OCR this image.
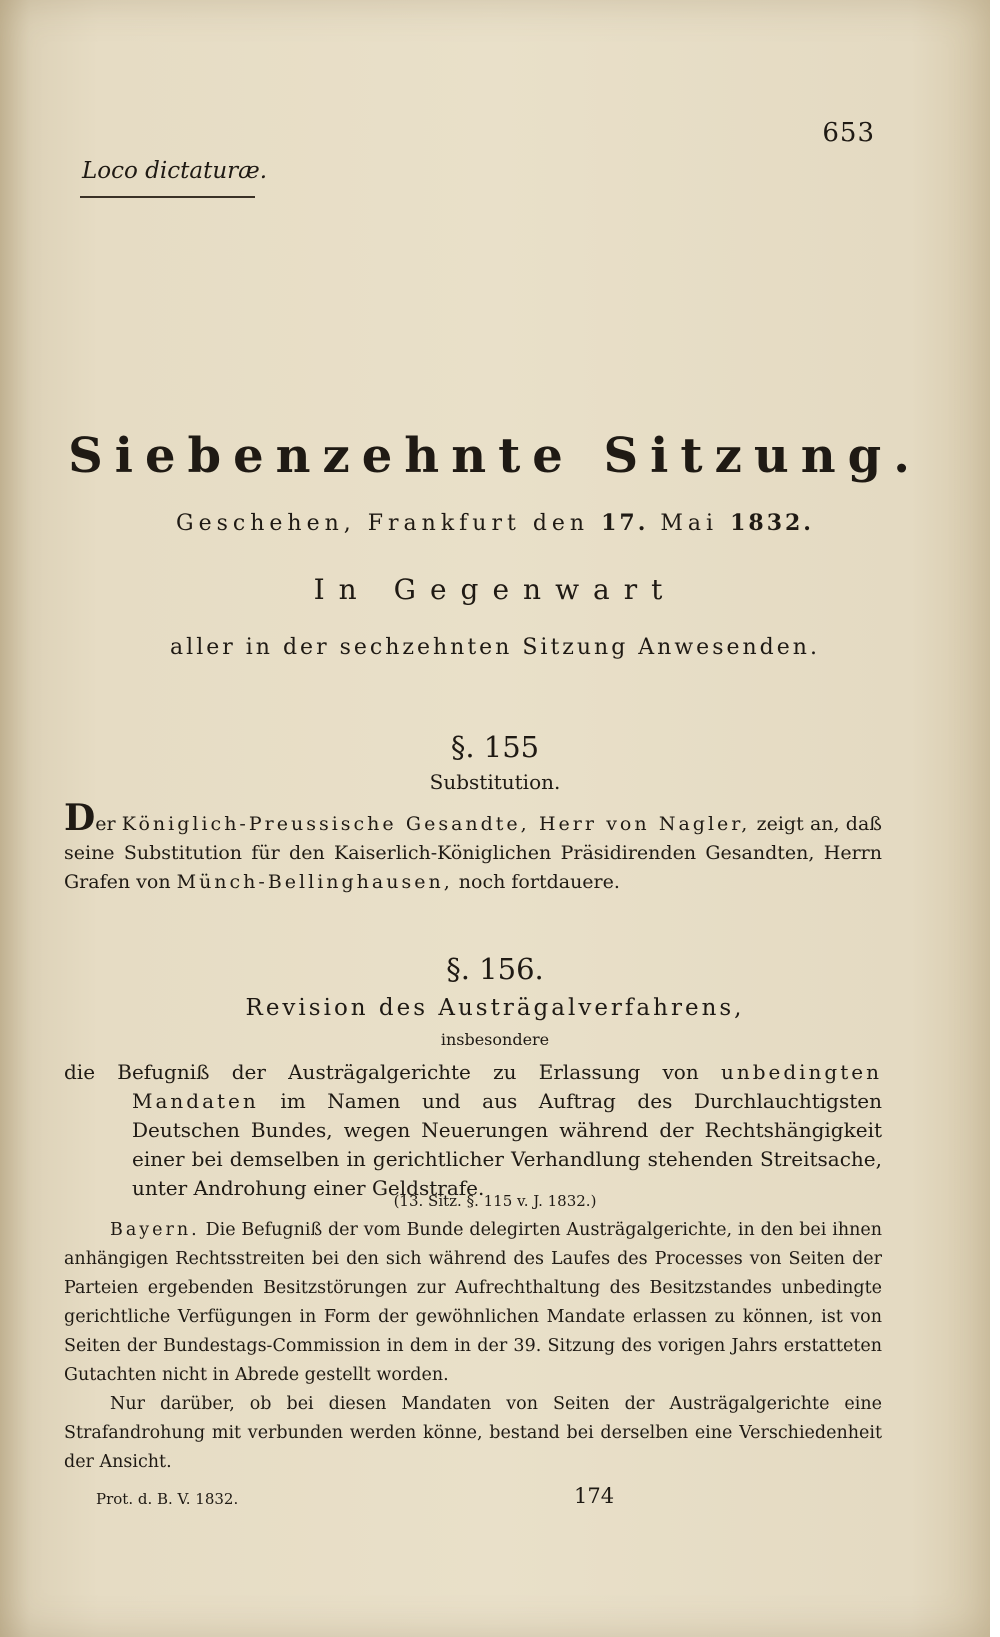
653
Loco dictaturæ.
Siebenzehnte Sitzung.
Geschehen, Frankfurt den 17. Mai 1832.
In Gegenwart
aller in der sechzehnten Sitzung Anwesenden.
§. 155
Substitution.
Der Königlich-Preussische Gesandte, Herr von Nagler, zeigt an, daß seine Substitution für den Kaiserlich-Königlichen Präsidirenden Gesandten, Herrn Grafen von Münch-Bellinghausen, noch fortdauere.
§. 156.
Revision des Austrägalverfahrens,
insbesondere
die Befugniß der Austrägalgerichte zu Erlassung von unbedingten Mandaten im Namen und aus Auftrag des Durchlauchtigsten Deutschen Bundes, wegen Neuerungen während der Rechtshängigkeit einer bei demselben in gerichtlicher Verhandlung stehenden Streitsache, unter Androhung einer Geldstrafe.
(13. Sitz. §. 115 v. J. 1832.)
Bayern. Die Befugniß der vom Bunde delegirten Austrägalgerichte, in den bei ihnen anhängigen Rechtsstreiten bei den sich während des Laufes des Processes von Seiten der Parteien ergebenden Besitzstörungen zur Aufrechthaltung des Besitzstandes unbedingte gerichtliche Verfügungen in Form der gewöhnlichen Mandate erlassen zu können, ist von Seiten der Bundestags-Commission in dem in der 39. Sitzung des vorigen Jahrs erstatteten Gutachten nicht in Abrede gestellt worden.
Nur darüber, ob bei diesen Mandaten von Seiten der Austrägalgerichte eine Strafandrohung mit verbunden werden könne, bestand bei derselben eine Verschiedenheit der Ansicht.
Prot. d. B. V. 1832.	174
